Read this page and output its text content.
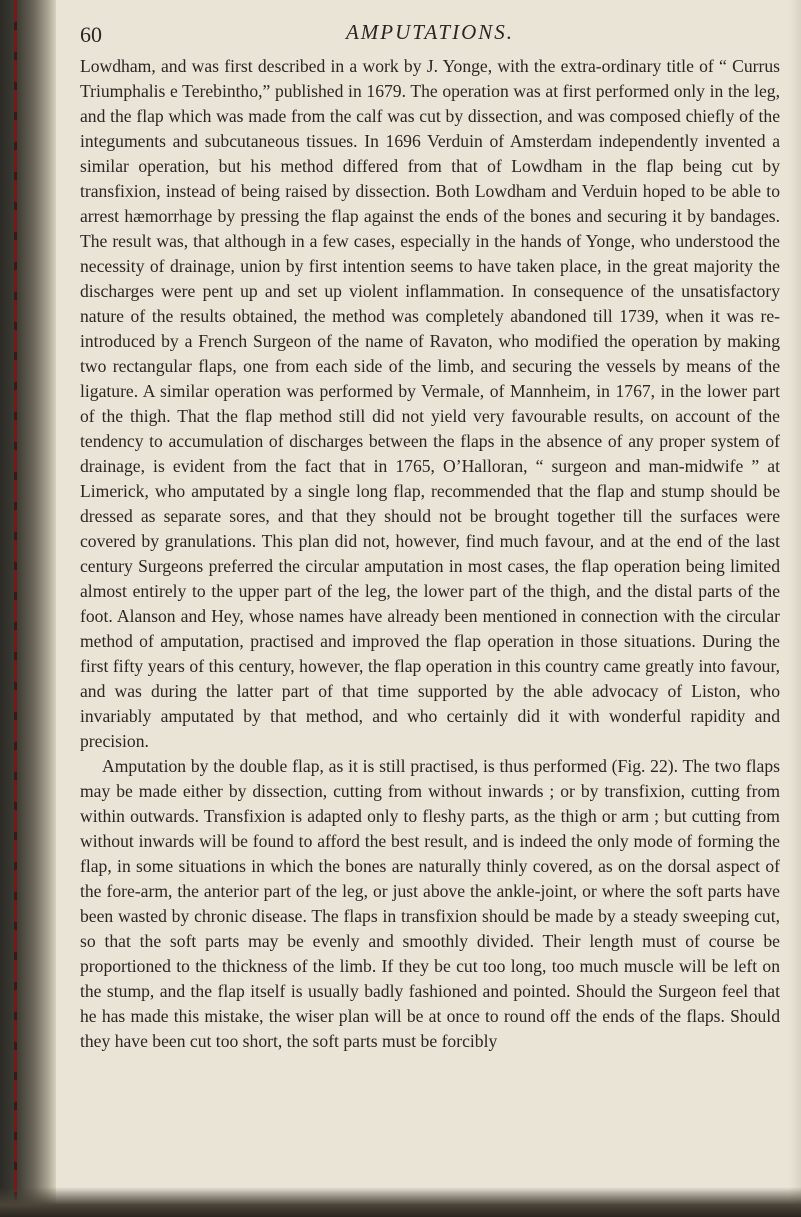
60	AMPUTATIONS.

Lowdham, and was first described in a work by J. Yonge, with the extra-ordinary title of “ Currus Triumphalis e Terebintho,” published in 1679. The operation was at first performed only in the leg, and the flap which was made from the calf was cut by dissection, and was composed chiefly of the integuments and subcutaneous tissues. In 1696 Verduin of Amsterdam independently invented a similar operation, but his method differed from that of Lowdham in the flap being cut by transfixion, instead of being raised by dissection. Both Lowdham and Verduin hoped to be able to arrest hæmorrhage by pressing the flap against the ends of the bones and securing it by bandages. The result was, that although in a few cases, especially in the hands of Yonge, who understood the necessity of drainage, union by first intention seems to have taken place, in the great majority the discharges were pent up and set up violent inflammation. In consequence of the unsatisfactory nature of the results obtained, the method was completely abandoned till 1739, when it was re-introduced by a French Surgeon of the name of Ravaton, who modified the operation by making two rectangular flaps, one from each side of the limb, and securing the vessels by means of the ligature. A similar operation was performed by Vermale, of Mannheim, in 1767, in the lower part of the thigh. That the flap method still did not yield very favourable results, on account of the tendency to accumulation of discharges between the flaps in the absence of any proper system of drainage, is evident from the fact that in 1765, O’Halloran, “ surgeon and man-midwife ” at Limerick, who amputated by a single long flap, recommended that the flap and stump should be dressed as separate sores, and that they should not be brought together till the surfaces were covered by granulations. This plan did not, however, find much favour, and at the end of the last century Surgeons preferred the circular amputation in most cases, the flap operation being limited almost entirely to the upper part of the leg, the lower part of the thigh, and the distal parts of the foot. Alanson and Hey, whose names have already been mentioned in connection with the circular method of amputation, practised and improved the flap operation in those situations. During the first fifty years of this century, however, the flap operation in this country came greatly into favour, and was during the latter part of that time supported by the able advocacy of Liston, who invariably amputated by that method, and who certainly did it with wonderful rapidity and precision.

Amputation by the double flap, as it is still practised, is thus performed (Fig. 22). The two flaps may be made either by dissection, cutting from without inwards ; or by transfixion, cutting from within outwards. Transfixion is adapted only to fleshy parts, as the thigh or arm ; but cutting from without inwards will be found to afford the best result, and is indeed the only mode of forming the flap, in some situations in which the bones are naturally thinly covered, as on the dorsal aspect of the fore-arm, the anterior part of the leg, or just above the ankle-joint, or where the soft parts have been wasted by chronic disease. The flaps in transfixion should be made by a steady sweeping cut, so that the soft parts may be evenly and smoothly divided. Their length must of course be proportioned to the thickness of the limb. If they be cut too long, too much muscle will be left on the stump, and the flap itself is usually badly fashioned and pointed. Should the Surgeon feel that he has made this mistake, the wiser plan will be at once to round off the ends of the flaps. Should they have been cut too short, the soft parts must be forcibly
